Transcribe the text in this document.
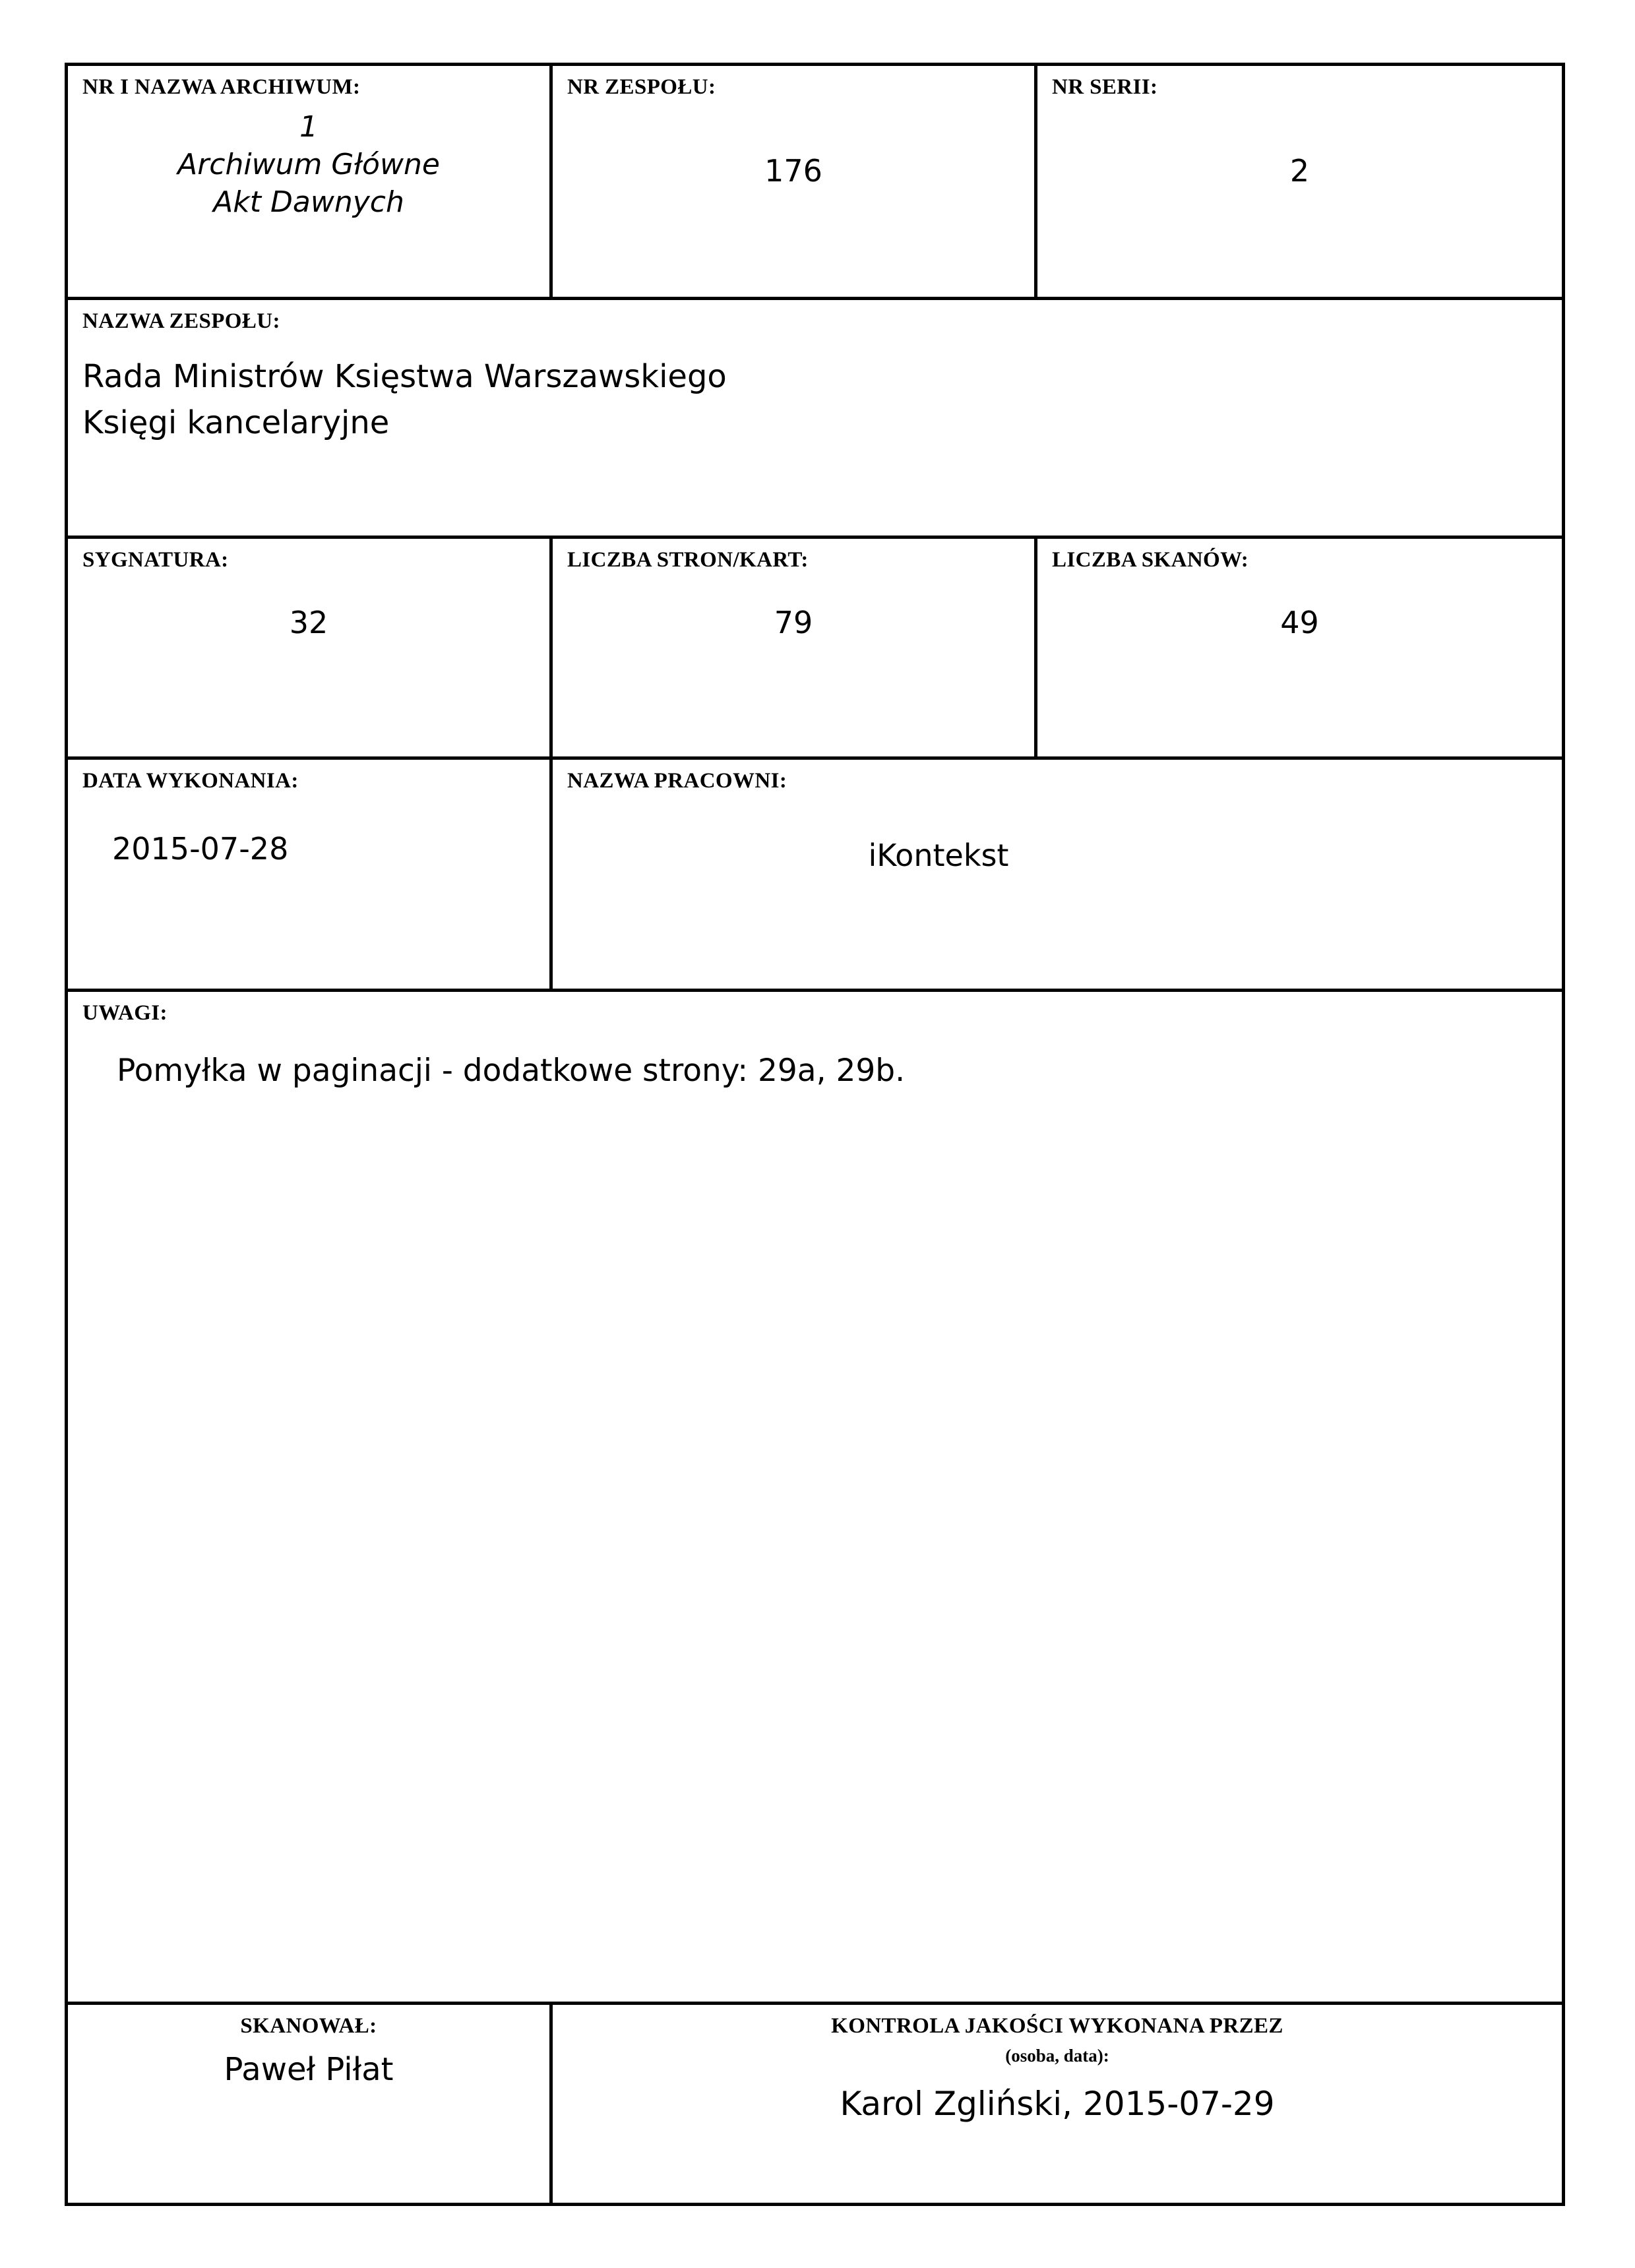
NR I NAZWA ARCHIWUM:
1
Archiwum Główne
Akt Dawnych
NR ZESPOŁU:
176
NR SERII:
2
NAZWA ZESPOŁU:
Rada Ministrów Księstwa Warszawskiego
Księgi kancelaryjne
SYGNATURA:
32
LICZBA STRON/KART:
79
LICZBA SKANÓW:
49
DATA WYKONANIA:
2015-07-28
NAZWA PRACOWNI:
iKontekst
UWAGI:
Pomyłka w paginacji - dodatkowe strony: 29a, 29b.
SKANOWAŁ:
Paweł Piłat
KONTROLA JAKOŚCI WYKONANA PRZEZ
(osoba, data):
Karol Zgliński, 2015-07-29
